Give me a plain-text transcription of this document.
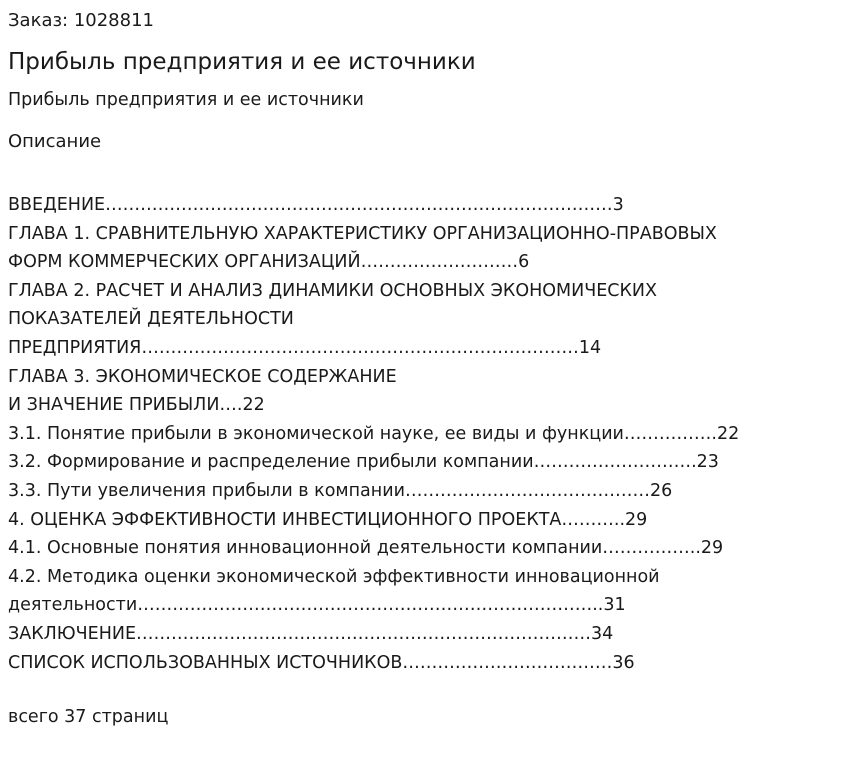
Заказ: 1028811
Прибыль предприятия и ее источники
Прибыль предприятия и ее источники
Описание
ВВЕДЕНИЕ……………………………………………………………………………3
ГЛАВА 1. СРАВНИТЕЛЬНУЮ ХАРАКТЕРИСТИКУ ОРГАНИЗАЦИОННО-ПРАВОВЫХ
ФОРМ КОММЕРЧЕСКИХ ОРГАНИЗАЦИЙ………………………6
ГЛАВА 2. РАСЧЕТ И АНАЛИЗ ДИНАМИКИ ОСНОВНЫХ ЭКОНОМИЧЕСКИХ
ПОКАЗАТЕЛЕЙ ДЕЯТЕЛЬНОСТИ
ПРЕДПРИЯТИЯ…………………………………………………………………14
ГЛАВА 3. ЭКОНОМИЧЕСКОЕ СОДЕРЖАНИЕ
И ЗНАЧЕНИЕ ПРИБЫЛИ….22
3.1. Понятие прибыли в экономической науке, ее виды и функции…………….22
3.2. Формирование и распределение прибыли компании……………………….23
3.3. Пути увеличения прибыли в компании……………………………………26
4. ОЦЕНКА ЭФФЕКТИВНОСТИ ИНВЕСТИЦИОННОГО ПРОЕКТА………..29
4.1. Основные понятия инновационной деятельности компании……………..29
4.2. Методика оценки экономической эффективности инновационной
деятельности……………………………………………………………………..31
ЗАКЛЮЧЕНИЕ……………………………………………………………………34
СПИСОК ИСПОЛЬЗОВАННЫХ ИСТОЧНИКОВ………………………………36
всего 37 страниц
